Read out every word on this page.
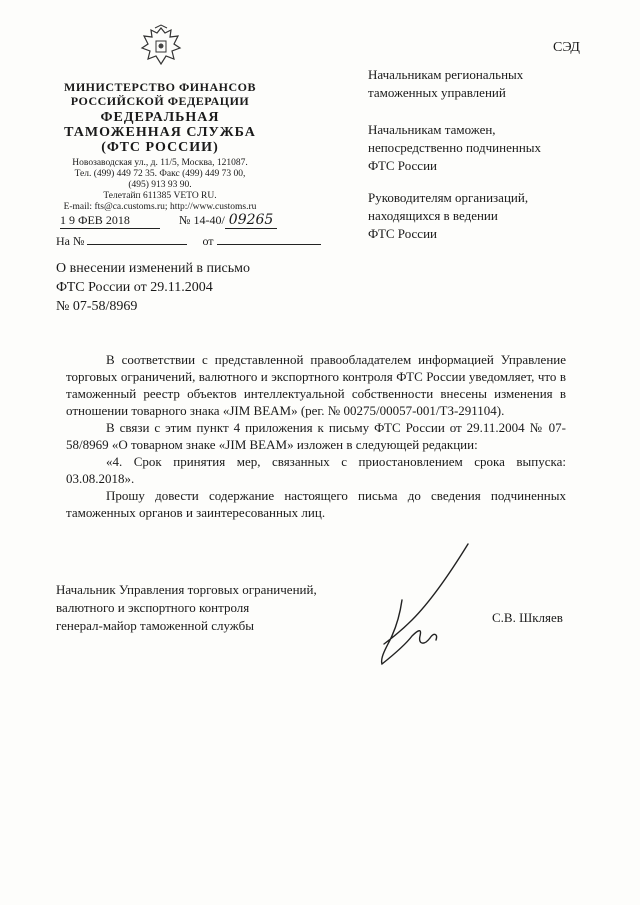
СЭД
МИНИСТЕРСТВО ФИНАНСОВ
РОССИЙСКОЙ ФЕДЕРАЦИИ
ФЕДЕРАЛЬНАЯ
ТАМОЖЕННАЯ СЛУЖБА
(ФТС РОССИИ)
Новозаводская ул., д. 11/5, Москва, 121087.
Тел. (499) 449 72 35. Факс (499) 449 73 00,
(495) 913 93 90.
Телетайп 611385 VETO RU.
E-mail: fts@ca.customs.ru; http://www.customs.ru
1 9 ФЕВ 2018	№ 14-40/ 09265
На №	от
Начальникам региональных
таможенных управлений
Начальникам таможен,
непосредственно подчиненных
ФТС России
Руководителям организаций,
находящихся в ведении
ФТС России
О внесении изменений в письмо
ФТС России от 29.11.2004
№ 07-58/8969

В соответствии с представленной правообладателем информацией Управление торговых ограничений, валютного и экспортного контроля ФТС России уведомляет, что в таможенный реестр объектов интеллектуальной собственности внесены изменения в отношении товарного знака «JIM BEAM» (рег. № 00275/00057-001/ТЗ-291104).

В связи с этим пункт 4 приложения к письму ФТС России от 29.11.2004 № 07-58/8969 «О товарном знаке «JIM BEAM» изложен в следующей редакции:

«4. Срок принятия мер, связанных с приостановлением срока выпуска: 03.08.2018».

Прошу довести содержание настоящего письма до сведения подчиненных таможенных органов и заинтересованных лиц.

Начальник Управления торговых ограничений,
валютного и экспортного контроля
генерал-майор таможенной службы
С.В. Шкляев
